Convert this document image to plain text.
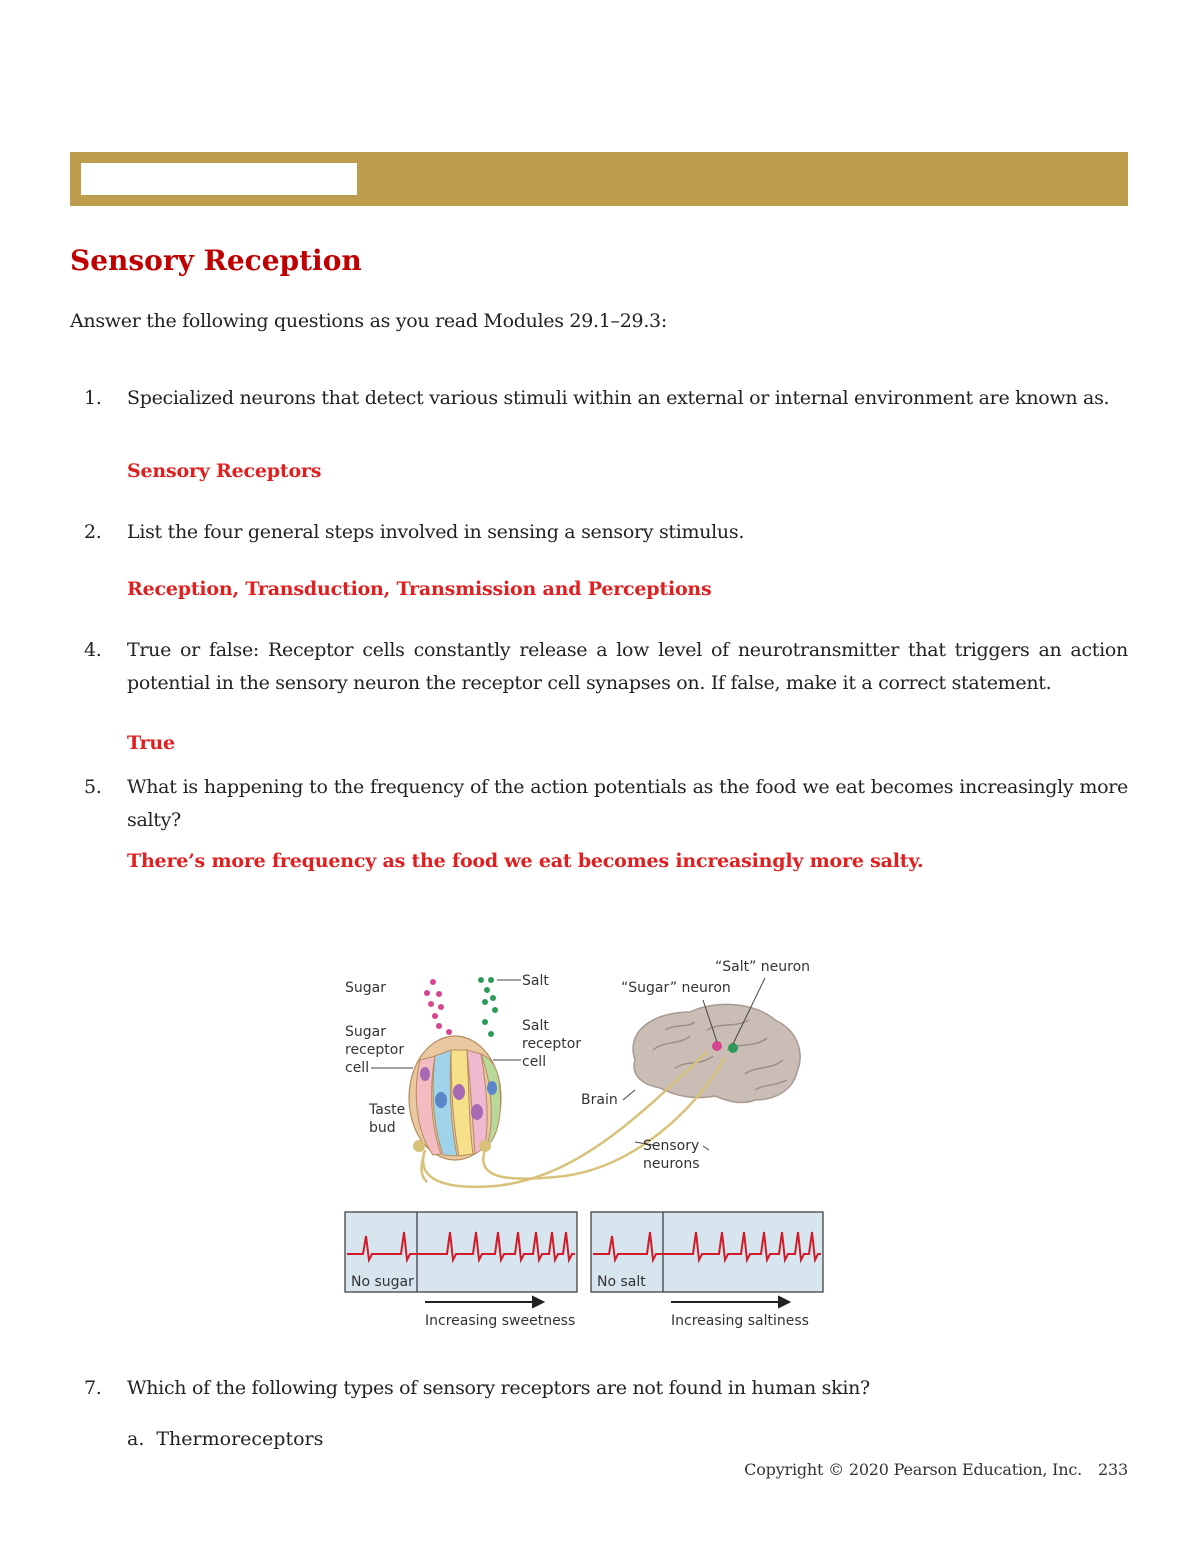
Sensory Reception
Answer the following questions as you read Modules 29.1–29.3:
1. Specialized neurons that detect various stimuli within an external or internal environment are known as.
Sensory Receptors
2. List the four general steps involved in sensing a sensory stimulus.
Reception, Transduction, Transmission and Perceptions
4. True or false: Receptor cells constantly release a low level of neurotransmitter that triggers an action potential in the sensory neuron the receptor cell synapses on. If false, make it a correct statement.
True
5. What is happening to the frequency of the action potentials as the food we eat becomes increasingly more salty?
There’s more frequency as the food we eat becomes increasingly more salty.
Sugar	Salt
Sugar
receptor
cell
Salt
receptor
cell
Taste
bud
“Salt” neuron
“Sugar” neuron
Brain
Sensory
neurons
No sugar	No salt
Increasing sweetness	Increasing saltiness
7. Which of the following types of sensory receptors are not found in human skin?
a. Thermoreceptors
Copyright © 2020 Pearson Education, Inc. 233
